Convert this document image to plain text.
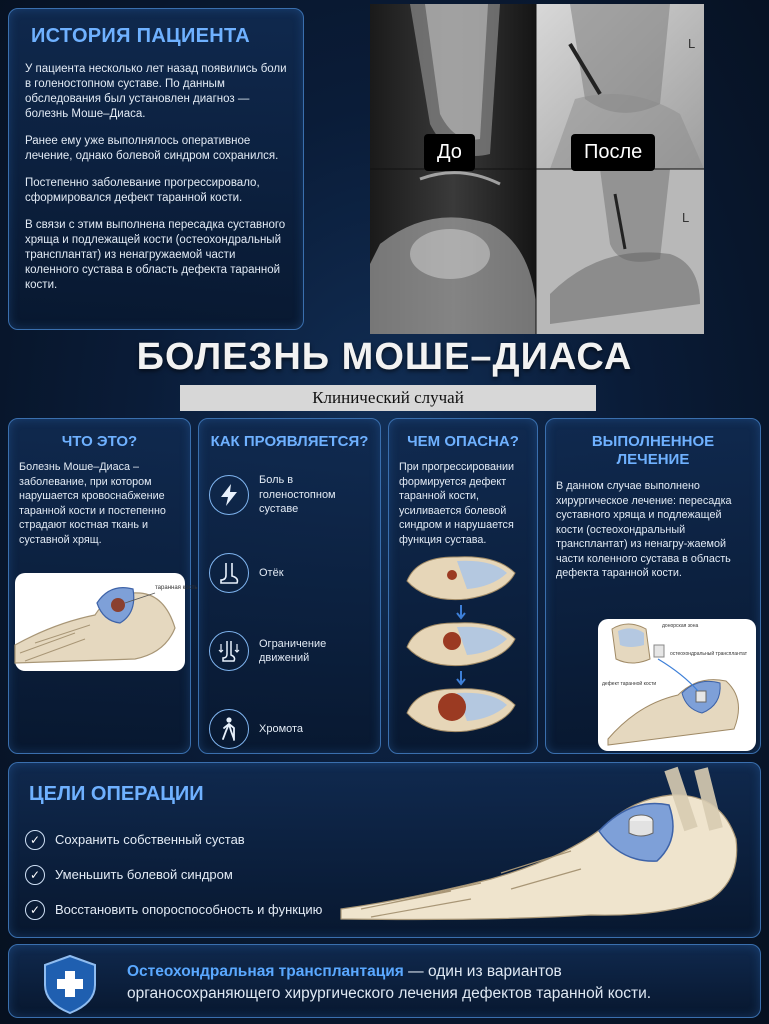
ИСТОРИЯ ПАЦИЕНТА

У пациента несколько лет назад появились боли в голеностопном суставе. По данным обследования был установлен диагноз — болезнь Моше–Диаса.

Ранее ему уже выполнялось оперативное лечение, однако болевой синдром сохранился.

Постепенно заболевание прогрессировало, сформировался дефект таранной кости.

В связи с этим выполнена пересадка суставного хряща и подлежащей кости (остеохондральный трансплантат) из ненагружаемой части коленного сустава в область дефекта таранной кости.

L
L
До	После
БОЛЕЗНЬ МОШЕ–ДИАСА
Клинический случай
ЧТО ЭТО?

Болезнь Моше–Диаса – заболевание, при котором нарушается кровоснабжение таранной кости и постепенно страдают костная ткань и суставной хрящ.

таранная кость
КАК ПРОЯВЛЯЕТСЯ?
Боль в голеностопном суставе
Отёк
Ограничение движений
Хромота
ЧЕМ ОПАСНА?

При прогрессировании формируется дефект таранной кости, усиливается болевой синдром и нарушается функция сустава.

ВЫПОЛНЕННОЕ ЛЕЧЕНИЕ

В данном случае выполнено хирургическое лечение: пересадка суставного хряща и подлежащей кости (остеохондральный трансплантат) из ненагру-жаемой части коленного сустава в область дефекта таранной кости.

донорская зона
остеохондральный трансплантат
дефект таранной кости
ЦЕЛИ ОПЕРАЦИИ
✓	Сохранить собственный сустав
✓	Уменьшить болевой синдром
✓	Восстановить опороспособность и функцию
Остеохондральная трансплантация — один из вариантов
органосохраняющего хирургического лечения дефектов таранной кости.
